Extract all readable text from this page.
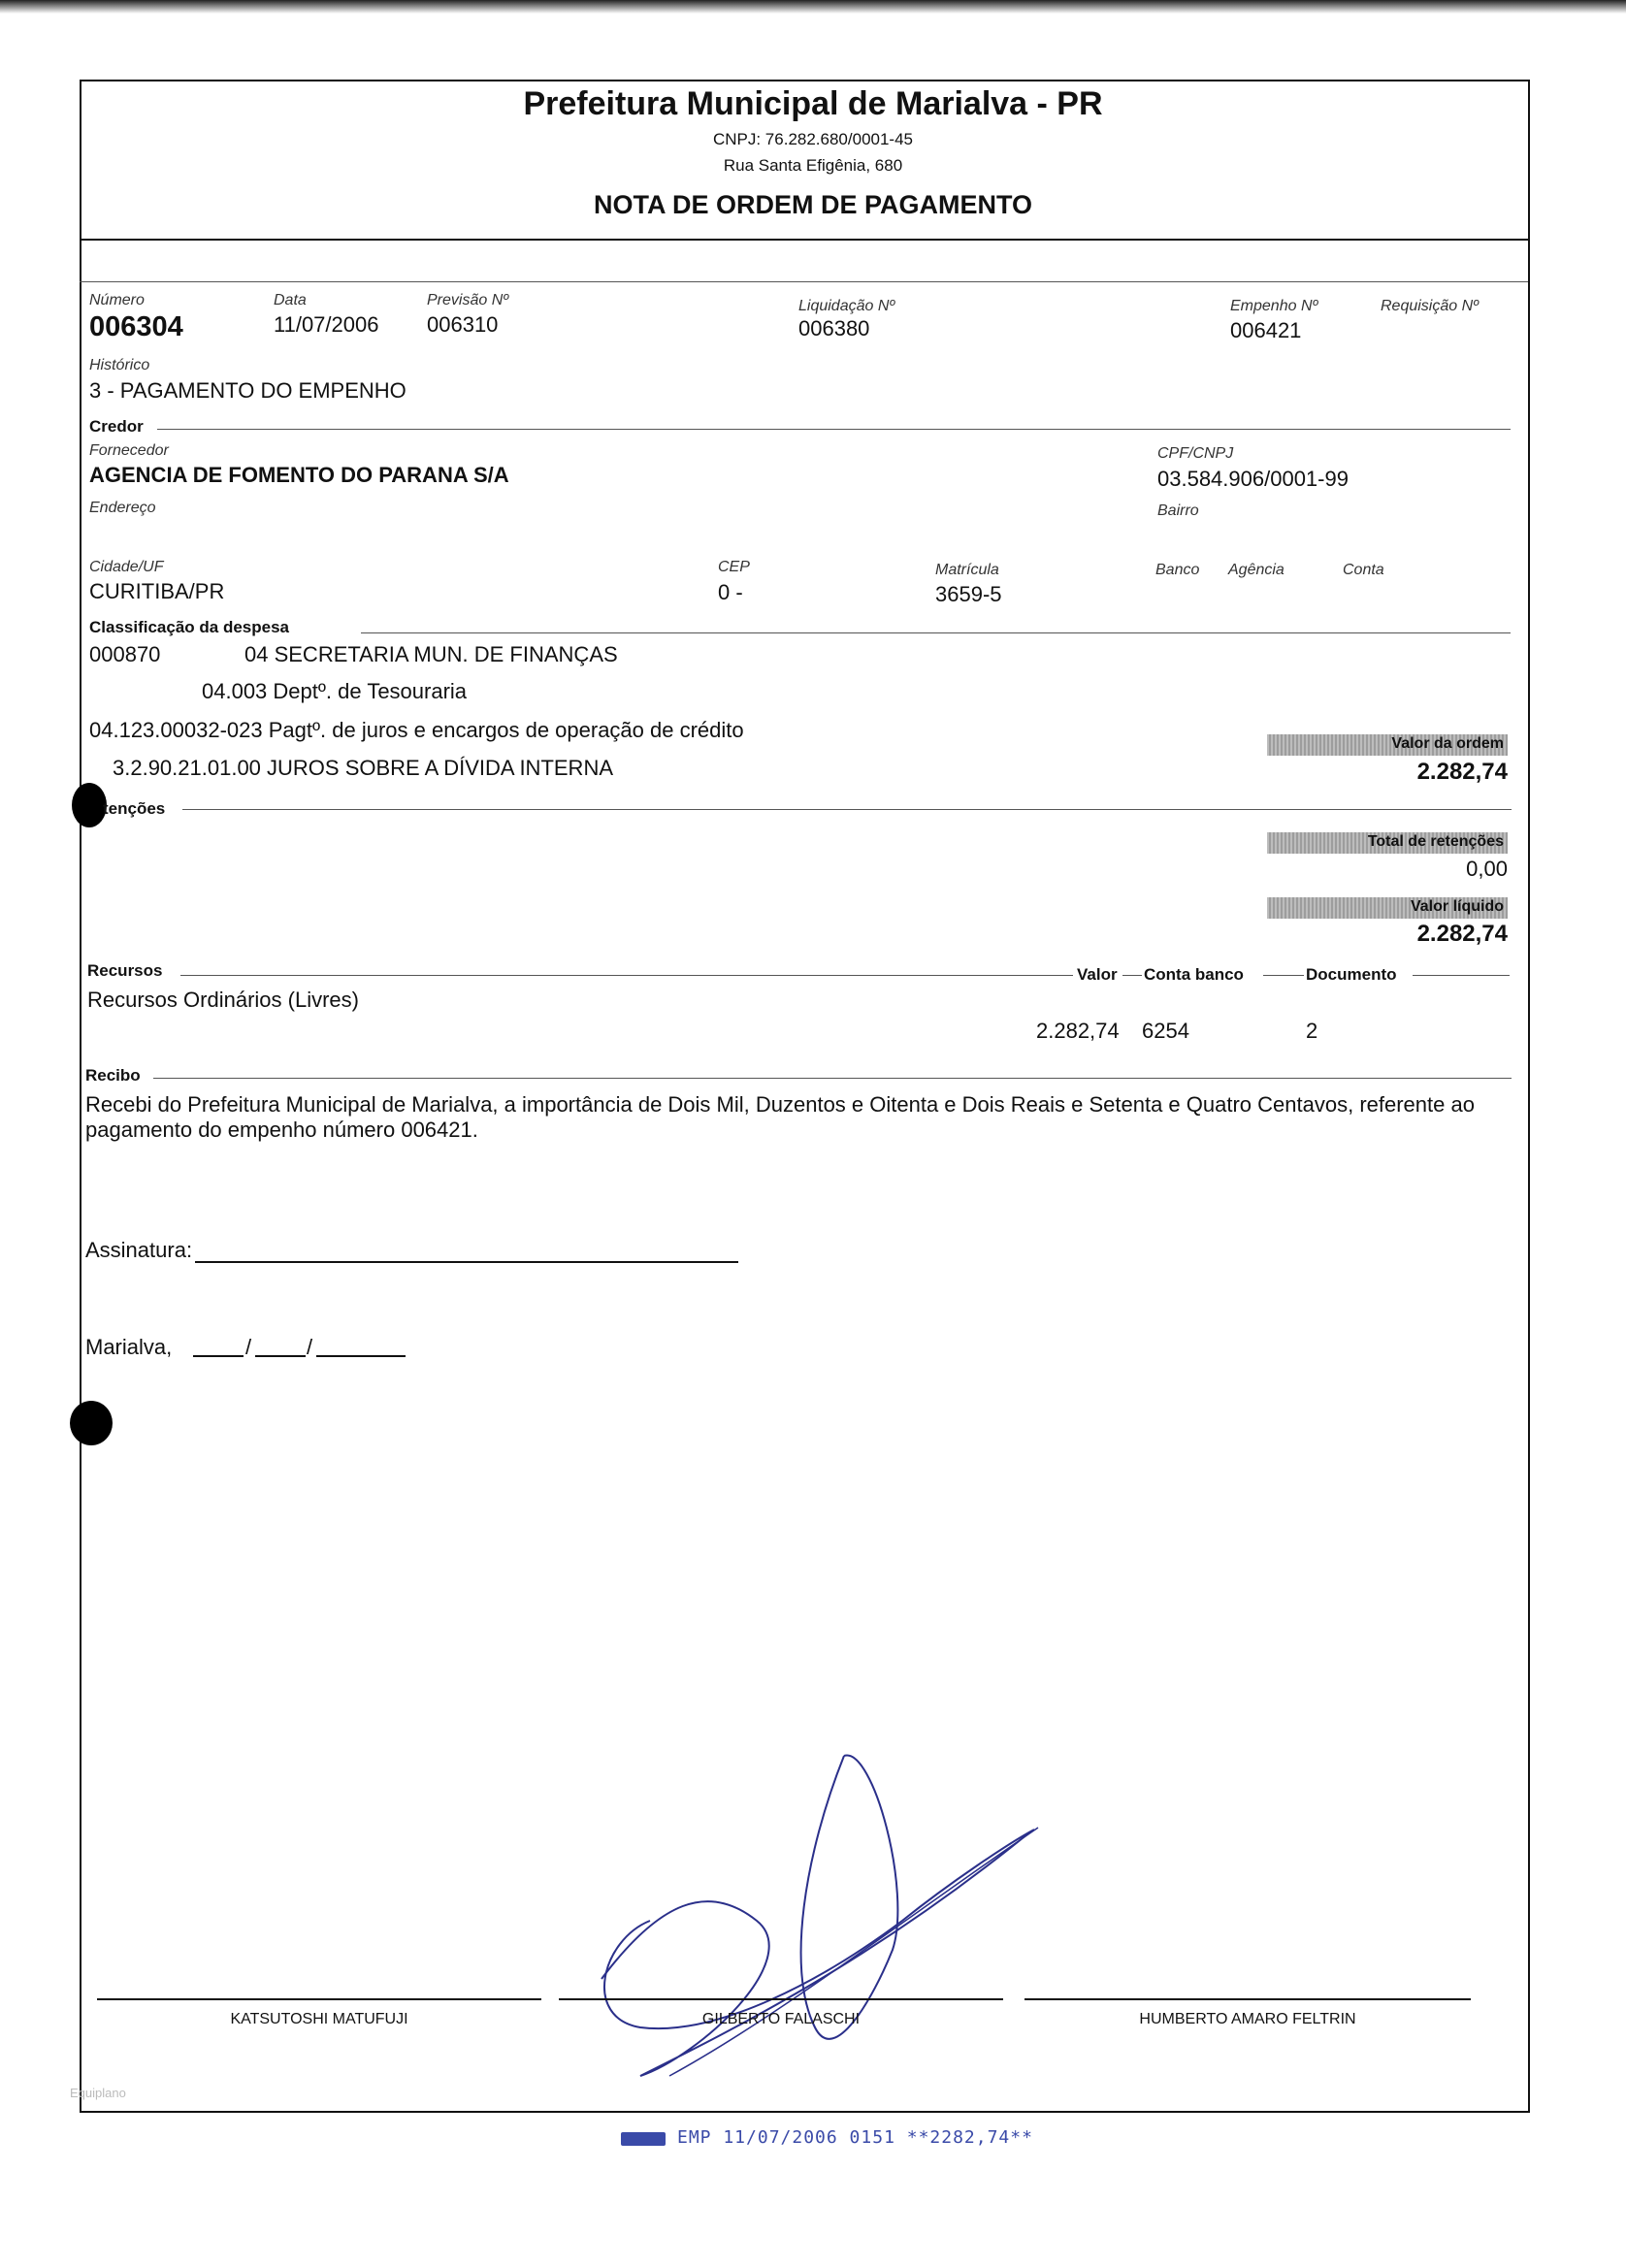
Prefeitura Municipal de Marialva - PR
CNPJ: 76.282.680/0001-45
Rua Santa Efigênia, 680
NOTA DE ORDEM DE PAGAMENTO
Número
006304
Data
11/07/2006
Previsão Nº
006310
Liquidação Nº
006380
Empenho Nº
006421
Requisição Nº
Histórico
3 - PAGAMENTO DO EMPENHO
Credor
Fornecedor
AGENCIA DE FOMENTO DO PARANA S/A
CPF/CNPJ
03.584.906/0001-99
Endereço	Bairro
Cidade/UF
CURITIBA/PR
CEP
0 -
Matrícula
3659-5
Banco Agência	Conta
Classificação da despesa
000870	04 SECRETARIA MUN. DE FINANÇAS
04.003 Deptº. de Tesouraria
04.123.00032-023 Pagtº. de juros e encargos de operação de crédito
3.2.90.21.01.00 JUROS SOBRE A DÍVIDA INTERNA
Valor da ordem
2.282,74
tenções
Total de retenções
0,00
Valor líquido
2.282,74
Recursos	Valor Conta banco	Documento
Recursos Ordinários (Livres)
2.282,74 6254	2
Recibo
Recebi do Prefeitura Municipal de Marialva, a importância de Dois Mil, Duzentos e Oitenta e Dois Reais e Setenta e Quatro Centavos, referente ao pagamento do empenho número 006421.
Assinatura:
Marialva,	/	/
KATSUTOSHI MATUFUJI	GILBERTO FALASCHI	HUMBERTO AMARO FELTRIN
Equiplano
EMP 11/07/2006 0151 **2282,74**
